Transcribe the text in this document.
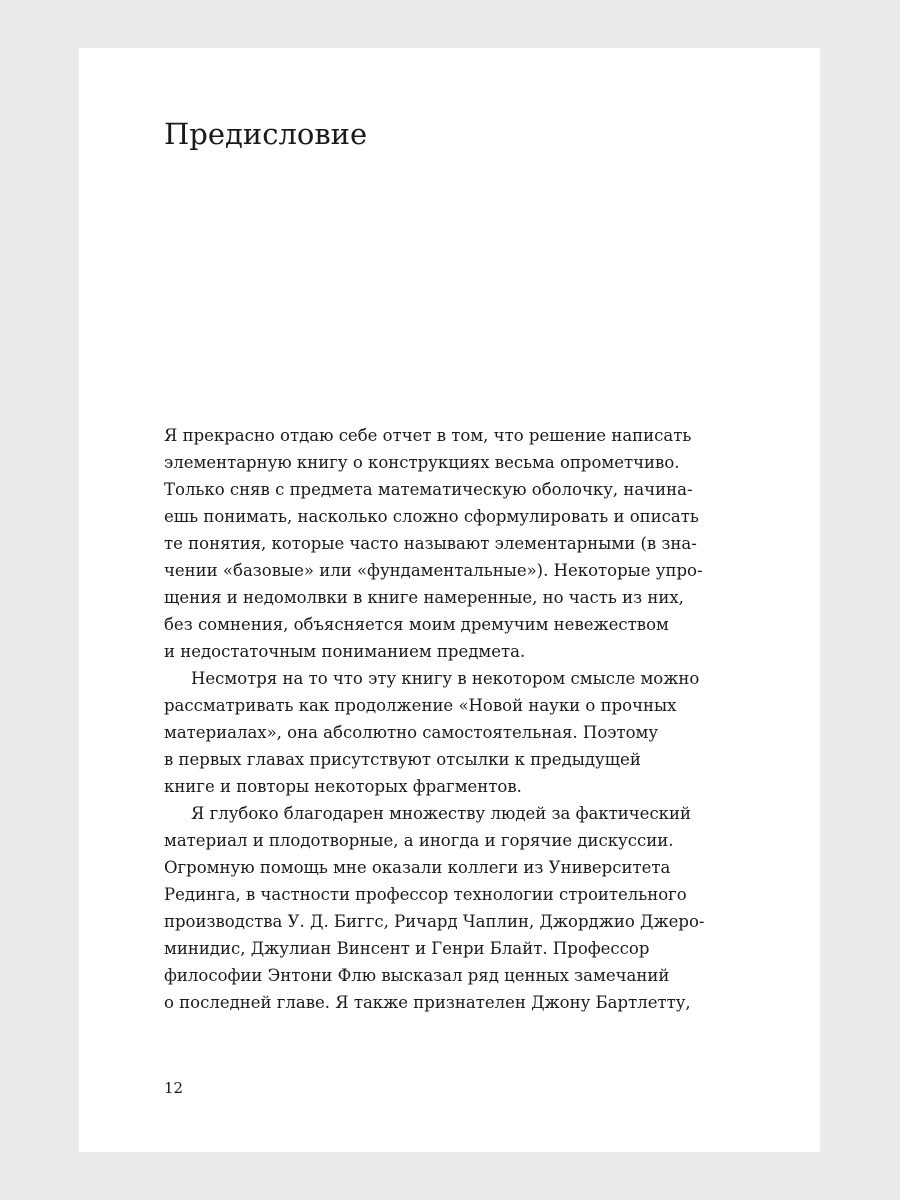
Предисловие
Я прекрасно отдаю себе отчет в том, что решение написать
элементарную книгу о конструкциях весьма опрометчиво.
Только сняв с предмета математическую оболочку, начина-
ешь понимать, насколько сложно сформулировать и описать
те понятия, которые часто называют элементарными (в зна-
чении «базовые» или «фундаментальные»). Некоторые упро-
щения и недомолвки в книге намеренные, но часть из них,
без сомнения, объясняется моим дремучим невежеством
и недостаточным пониманием предмета.
Несмотря на то что эту книгу в некотором смысле можно
рассматривать как продолжение «Новой науки о прочных
материалах», она абсолютно самостоятельная. Поэтому
в первых главах присутствуют отсылки к предыдущей
книге и повторы некоторых фрагментов.
Я глубоко благодарен множеству людей за фактический
материал и плодотворные, а иногда и горячие дискуссии.
Огромную помощь мне оказали коллеги из Университета
Рединга, в частности профессор технологии строительного
производства У. Д. Биггс, Ричард Чаплин, Джорджио Джеро-
минидис, Джулиан Винсент и Генри Блайт. Профессор
философии Энтони Флю высказал ряд ценных замечаний
о последней главе. Я также признателен Джону Бартлетту,
12
